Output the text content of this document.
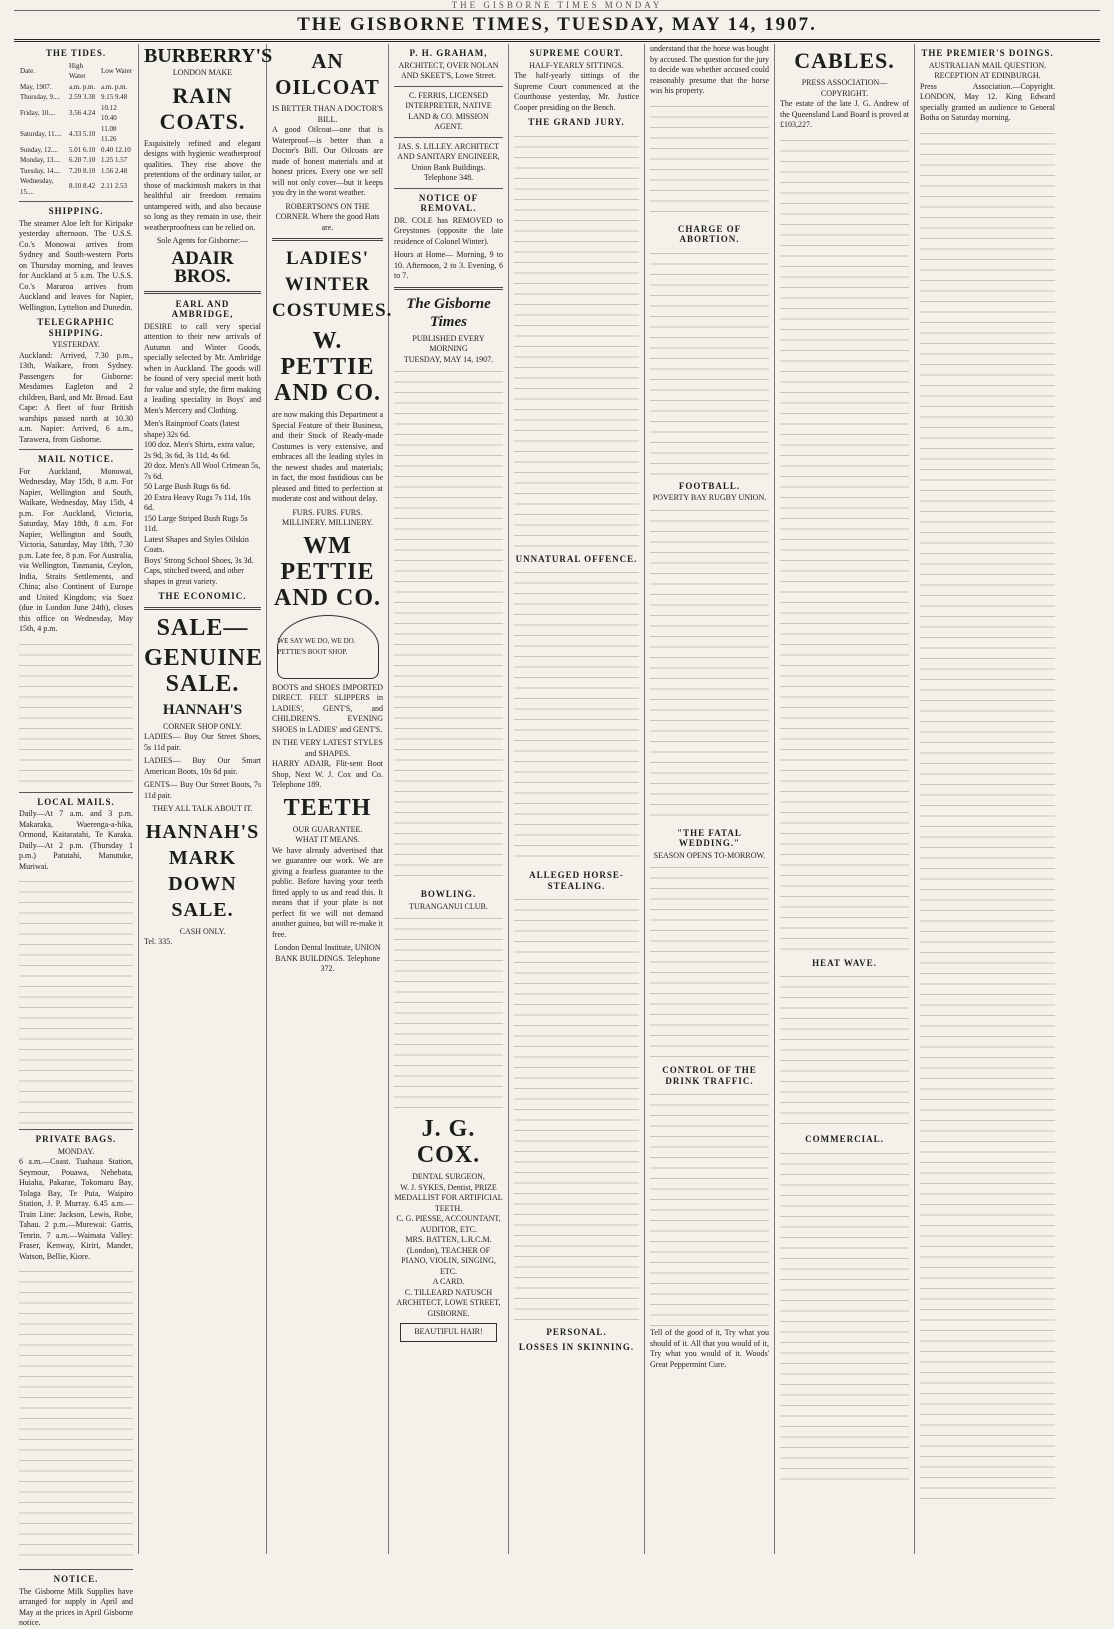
THE GISBORNE TIMES MONDAY
THE GISBORNE TIMES, TUESDAY, MAY 14, 1907.
THE TIDES.
Date.	High Water	Low Water
May, 1907.	a.m. p.m.	a.m. p.m.
Thursday, 9....	2.59 3.38	9.15 9.48
Friday, 10....	3.56 4.24	10.12 10.40
Saturday, 11....	4.33 5.10	11.08 11.26
Sunday, 12....	5.01 6.10	0.40 12.10
Monday, 13....	6.20 7.10	1.25 1.57
Tuesday, 14....	7.20 8.10	1.56 2.48
Wednesday, 15....	8.10 8.42	2.11 2.53
SHIPPING.

The steamer Aloe left for Kiripake yesterday afternoon. The U.S.S. Co.'s Monowai arrives from Sydney and South-western Ports on Thursday morning, and leaves for Auckland at 5 a.m. The U.S.S. Co.'s Mararoa arrives from Auckland and leaves for Napier, Wellington, Lyttelton and Dunedin.

TELEGRAPHIC SHIPPING.
YESTERDAY.

Auckland: Arrived, 7.30 p.m., 13th, Waikare, from Sydney. Passengers for Gisborne: Mesdames Eagleton and 2 children, Bard, and Mr. Broad. East Cape: A fleet of four British warships passed north at 10.30 a.m. Napier: Arrived, 6 a.m., Tarawera, from Gisborne.

MAIL NOTICE.

For Auckland, Monowai, Wednesday, May 15th, 8 a.m. For Napier, Wellington and South, Waikare, Wednesday, May 15th, 4 p.m. For Auckland, Victoria, Saturday, May 18th, 8 a.m. For Napier, Wellington and South, Victoria, Saturday, May 18th, 7.30 p.m. Late fee, 8 p.m. For Australia, via Wellington, Tasmania, Ceylon, India, Straits Settlements, and China; also Continent of Europe and United Kingdom; via Suez (due in London June 24th), closes this office on Wednesday, May 15th, 4 p.m.

LOCAL MAILS.

Daily—At 7 a.m. and 3 p.m. Makaraka, Waerenga-a-hika, Ormond, Kaitaratahi, Te Karaka. Daily—At 2 p.m. (Thursday 1 p.m.) Patutahi, Manutuke, Muriwai.

PRIVATE BAGS.
MONDAY.

6 a.m.—Coast. Tuahaua Station, Seymour, Pouawa, Nehebata, Huiaha, Pakarae, Tokomaru Bay, Tolaga Bay, Te Puia, Waipiro Station, J. P. Murray. 6.45 a.m.—Train Line: Jackson, Lewis, Robe, Tahau. 2 p.m.—Murewai: Garris, Tenrin. 7 a.m.—Waimata Valley: Fraser, Kenway, Kiriri, Mander, Watson, Bellie, Kiore.

NOTICE.

The Gisborne Milk Supplies have arranged for supply in April and May at the prices in April Gisborne notice.

BURBERRY'S
LONDON MAKE
RAIN COATS.

Exquisitely refined and elegant designs with hygienic weatherproof qualities. They rise above the pretentions of the ordinary tailor, or those of mackintosh makers in that healthful air freedom remains untampered with, and also because so long as they remain in use, their weatherproofness can be relied on.

Sole Agents for Gisborne:—
ADAIR BROS.
EARL AND AMBRIDGE,

DESIRE to call very special attention to their new arrivals of Autumn and Winter Goods, specially selected by Mr. Ambridge when in Auckland. The goods will be found of very special merit both for value and style, the firm making a leading speciality in Boys' and Men's Mercery and Clothing.

Men's Rainproof Coats (latest shape) 32s 6d.
100 doz. Men's Shirts, extra value, 2s 9d, 3s 6d, 3s 11d, 4s 6d.
20 doz. Men's All Wool Crimean 5s, 7s 6d.
50 Large Bush Rugs 6s 6d.
20 Extra Heavy Rugs 7s 11d, 10s 6d.
150 Large Striped Bush Rugs 5s 11d.
Latest Shapes and Styles Oilskin Coats.
Boys' Strong School Shoes, 3s 3d.
Caps, stitched tweed, and other shapes in great variety.
THE ECONOMIC.
SALE—
GENUINE SALE.
HANNAH'S
CORNER SHOP ONLY.

LADIES— Buy Our Street Shoes, 5s 11d pair.

LADIES— Buy Our Smart American Boots, 10s 6d pair.

GENTS— Buy Our Street Boots, 7s 11d pair.

THEY ALL TALK ABOUT IT.
HANNAH'S MARK DOWN SALE.
CASH ONLY.
Tel. 335.
AN OILCOAT
IS BETTER THAN A DOCTOR'S BILL.

A good Oilcoat—one that is Waterproof—is better than a Doctor's Bill. Our Oilcoats are made of honest materials and at honest prices. Every one we sell will not only cover—but it keeps you dry in the worst weather.

ROBERTSON'S ON THE CORNER. Where the good Hats are.
LADIES' WINTER COSTUMES.
W. PETTIE AND CO.

are now making this Department a Special Feature of their Business, and their Stock of Ready-made Costumes is very extensive, and embraces all the leading styles in the newest shades and materials; in fact, the most fastidious can be pleased and fitted to perfection at moderate cost and without delay.

FURS. FURS. FURS.
MILLINERY. MILLINERY.
WM PETTIE AND CO.
WE SAY WE DO, WE DO. PETTIE'S BOOT SHOP.

BOOTS and SHOES IMPORTED DIRECT. FELT SLIPPERS in LADIES', GENT'S, and CHILDREN'S. EVENING SHOES in LADIES' and GENT'S.

IN THE VERY LATEST STYLES and SHAPES.

HARRY ADAIR, Flit-sent Boot Shop, Next W. J. Cox and Co. Telephone 189.

TEETH
OUR GUARANTEE.
WHAT IT MEANS.

We have already advertised that we guarantee our work. We are giving a fearless guarantee to the public. Before having your teeth fitted apply to us and read this. It means that if your plate is not perfect fit we will not demand another guinea, but will re-make it free.

London Dental Institute, UNION BANK BUILDINGS. Telephone 372.
P. H. GRAHAM,
ARCHITECT, OVER NOLAN AND SKEET'S, Lowe Street.
C. FERRIS, LICENSED INTERPRETER, NATIVE LAND & CO. MISSION AGENT.
JAS. S. LILLEY. ARCHITECT AND SANITARY ENGINEER, Union Bank Buildings. Telephone 348.
NOTICE OF REMOVAL.

DR. COLE has REMOVED to Greystones (opposite the late residence of Colonel Winter).

Hours at Home— Morning, 9 to 10. Afternoon, 2 to 3. Evening, 6 to 7.

The Gisborne Times
PUBLISHED EVERY MORNING
TUESDAY, MAY 14, 1907.
BOWLING.
TURANGANUI CLUB.
J. G. COX.
DENTAL SURGEON,
W. J. SYKES, Dentist, PRIZE MEDALLIST FOR ARTIFICIAL TEETH.
C. G. PIESSE, ACCOUNTANT, AUDITOR, ETC.
MRS. BATTEN, L.R.C.M. (London), TEACHER OF PIANO, VIOLIN, SINGING, ETC.
A CARD.
C. TILLEARD NATUSCH ARCHITECT, LOWE STREET, GISBORNE.
BEAUTIFUL HAIR!
SUPREME COURT.
HALF-YEARLY SITTINGS.

The half-yearly sittings of the Supreme Court commenced at the Courthouse yesterday, Mr. Justice Cooper presiding on the Bench.

THE GRAND JURY.
UNNATURAL OFFENCE.
ALLEGED HORSE-STEALING.
PERSONAL.
LOSSES IN SKINNING.

understand that the horse was bought by accused. The question for the jury to decide was whether accused could reasonably presume that the horse was his property.

CHARGE OF ABORTION.
FOOTBALL.
POVERTY BAY RUGBY UNION.
"THE FATAL WEDDING."
SEASON OPENS TO-MORROW.
CONTROL OF THE DRINK TRAFFIC.

Tell of the good of it, Try what you should of it. All that you would of it, Try what you would of it. Woods' Great Peppermint Cure.

CABLES.
PRESS ASSOCIATION—COPYRIGHT.

The estate of the late J. G. Andrew of the Queensland Land Board is proved at £103,227.

HEAT WAVE.
COMMERCIAL.
THE PREMIER'S DOINGS.
AUSTRALIAN MAIL QUESTION.
RECEPTION AT EDINBURGH.

Press Association.—Copyright. LONDON, May 12. King Edward specially granted an audience to General Botha on Saturday morning.
